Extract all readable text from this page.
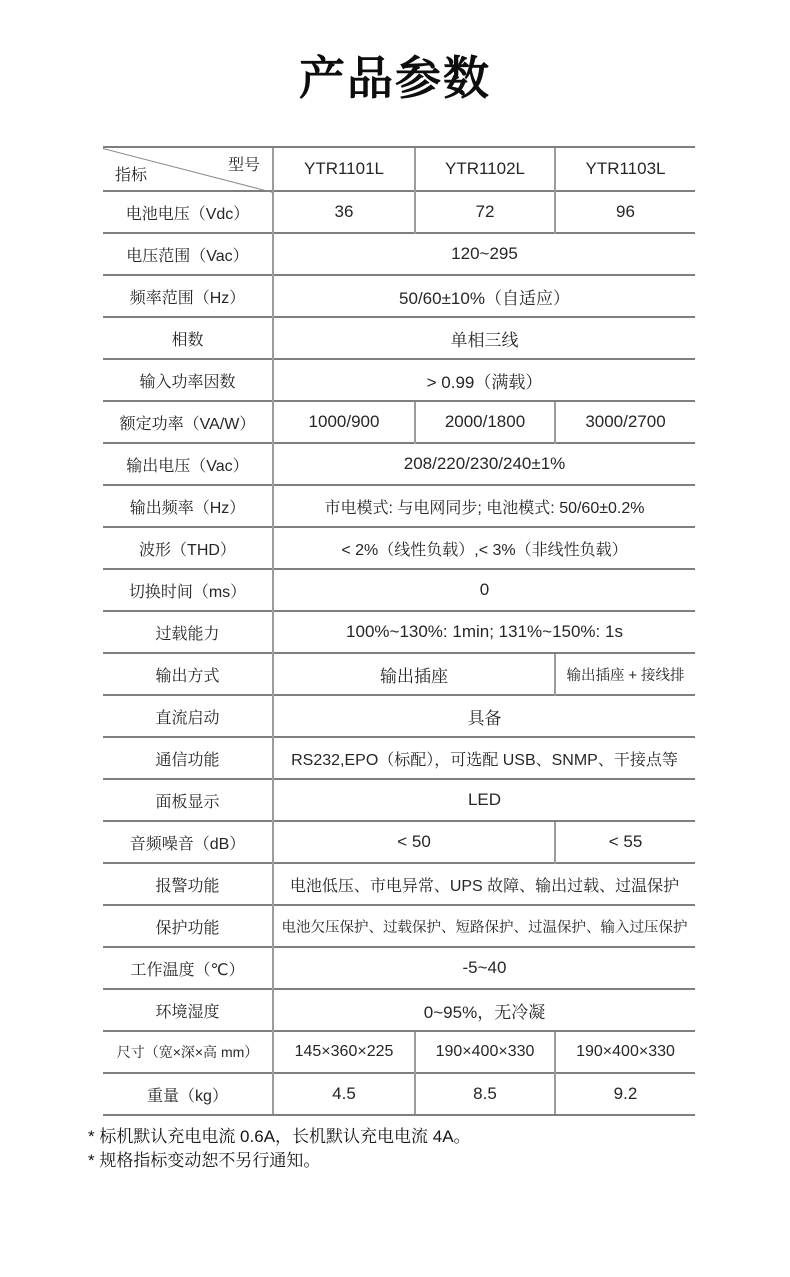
产品参数
型号
指标	YTR1101L	YTR1102L	YTR1103L
电池电压（Vdc）	36	72	96
电压范围（Vac）	120~295		
频率范围（Hz）	50/60±10%（自适应）		
相数	单相三线		
输入功率因数	> 0.99（满载）		
额定功率（VA/W）	1000/900	2000/1800	3000/2700
输出电压（Vac）	208/220/230/240±1%		
输出频率（Hz）	市电模式: 与电网同步; 电池模式: 50/60±0.2%		
波形（THD）	< 2%（线性负载）,< 3%（非线性负载）		
切换时间（ms）	0		
过载能力	100%~130%: 1min; 131%~150%: 1s		
输出方式	输出插座		输出插座 + 接线排
直流启动	具备		
通信功能	RS232,EPO（标配），可选配 USB、SNMP、干接点等		
面板显示	LED		
音频噪音（dB）	< 50		< 55
报警功能	电池低压、市电异常、UPS 故障、输出过载、过温保护		
保护功能	电池欠压保护、过载保护、短路保护、过温保护、输入过压保护		
工作温度（℃）	-5~40		
环境湿度	0~95%，无冷凝		
尺寸（宽×深×高 mm）	145×360×225	190×400×330	190×400×330
重量（kg）	4.5	8.5	9.2
* 标机默认充电电流 0.6A，长机默认充电电流 4A。
* 规格指标变动恕不另行通知。
